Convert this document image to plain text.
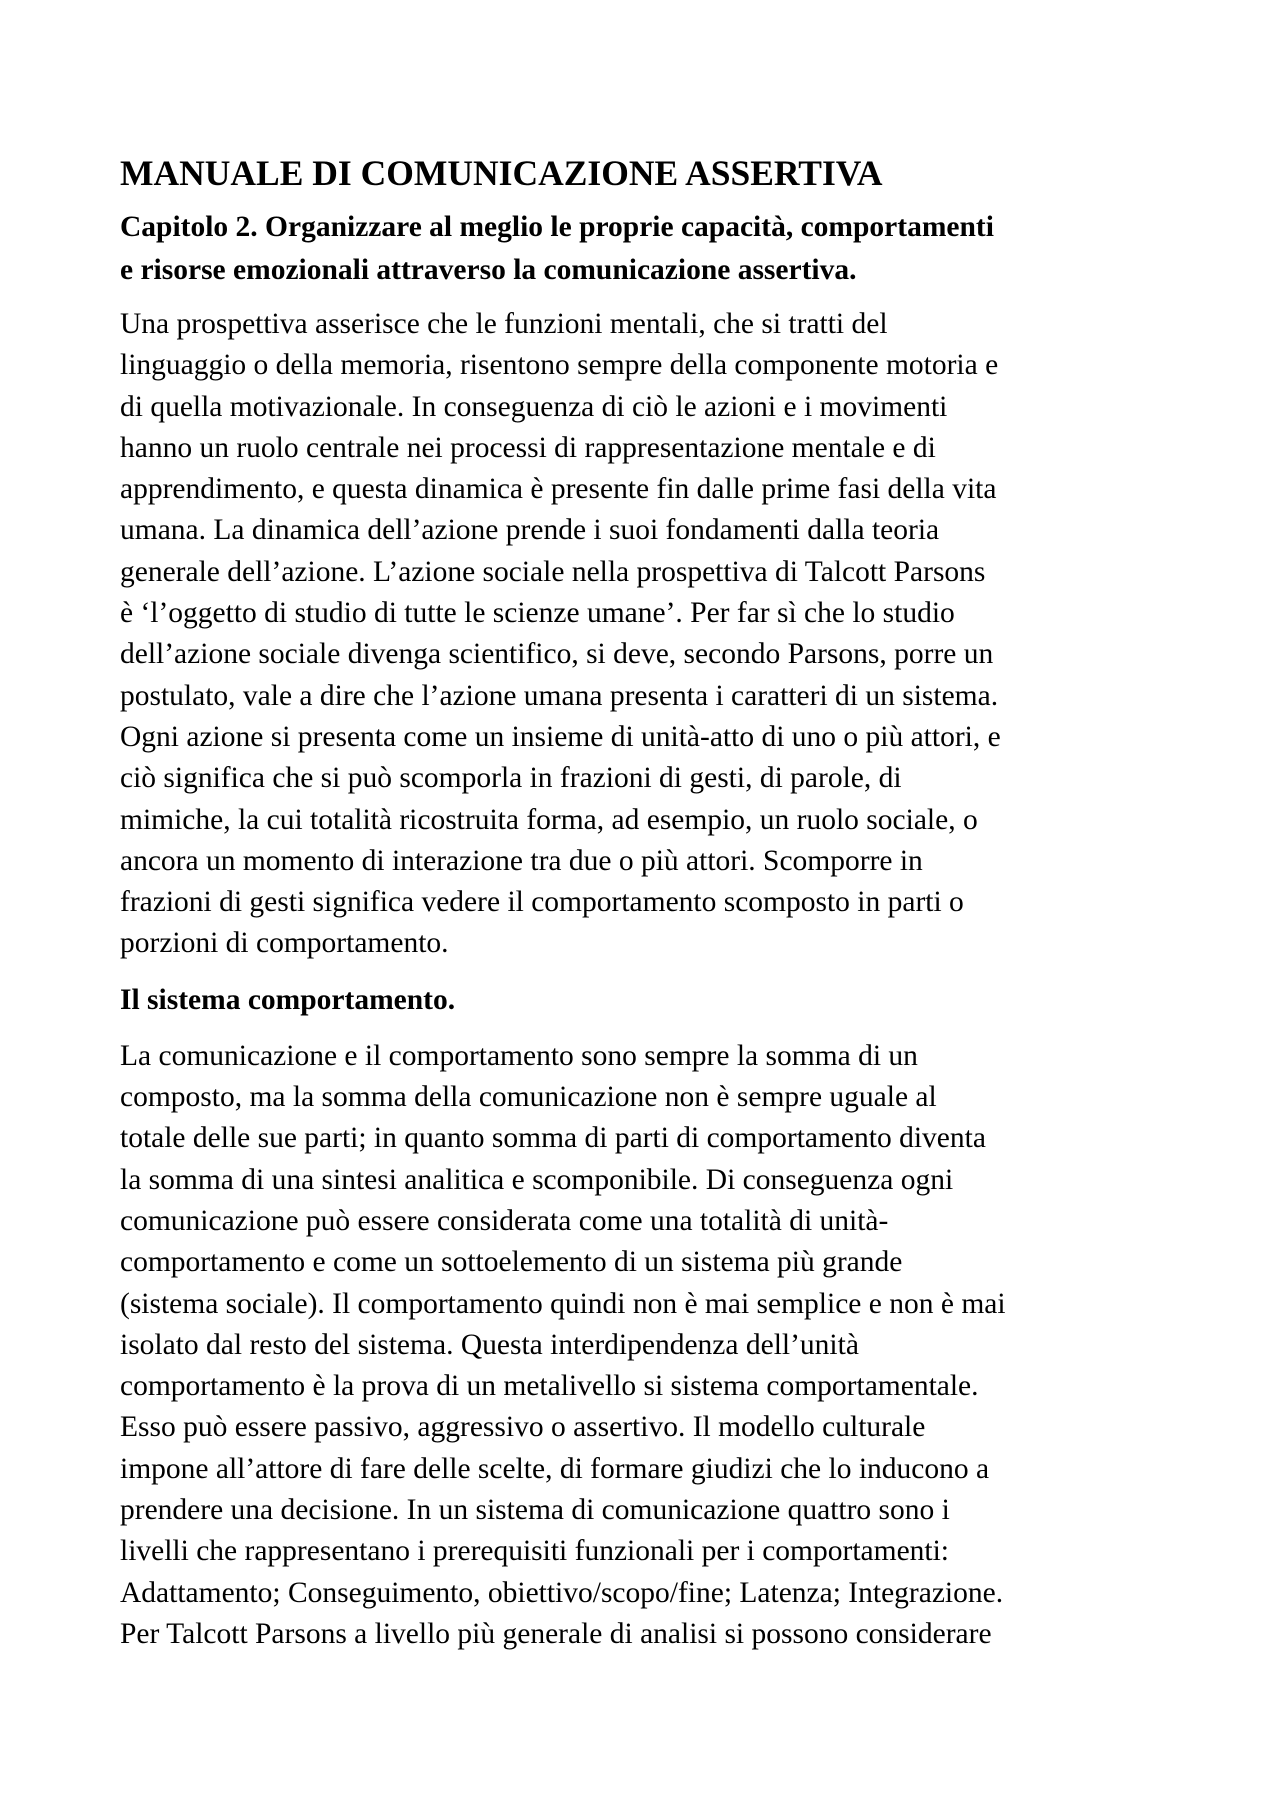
MANUALE DI COMUNICAZIONE ASSERTIVA
Capitolo 2. Organizzare al meglio le proprie capacità, comportamenti
e risorse emozionali attraverso la comunicazione assertiva.
Una prospettiva asserisce che le funzioni mentali, che si tratti del
linguaggio o della memoria, risentono sempre della componente motoria e
di quella motivazionale. In conseguenza di ciò le azioni e i movimenti
hanno un ruolo centrale nei processi di rappresentazione mentale e di
apprendimento, e questa dinamica è presente fin dalle prime fasi della vita
umana. La dinamica dell’azione prende i suoi fondamenti dalla teoria
generale dell’azione. L’azione sociale nella prospettiva di Talcott Parsons
è ‘l’oggetto di studio di tutte le scienze umane’. Per far sì che lo studio
dell’azione sociale divenga scientifico, si deve, secondo Parsons, porre un
postulato, vale a dire che l’azione umana presenta i caratteri di un sistema.
Ogni azione si presenta come un insieme di unità-atto di uno o più attori, e
ciò significa che si può scomporla in frazioni di gesti, di parole, di
mimiche, la cui totalità ricostruita forma, ad esempio, un ruolo sociale, o
ancora un momento di interazione tra due o più attori. Scomporre in
frazioni di gesti significa vedere il comportamento scomposto in parti o
porzioni di comportamento.
Il sistema comportamento.
La comunicazione e il comportamento sono sempre la somma di un
composto, ma la somma della comunicazione non è sempre uguale al
totale delle sue parti; in quanto somma di parti di comportamento diventa
la somma di una sintesi analitica e scomponibile. Di conseguenza ogni
comunicazione può essere considerata come una totalità di unità-
comportamento e come un sottoelemento di un sistema più grande
(sistema sociale). Il comportamento quindi non è mai semplice e non è mai
isolato dal resto del sistema. Questa interdipendenza dell’unità
comportamento è la prova di un metalivello si sistema comportamentale.
Esso può essere passivo, aggressivo o assertivo. Il modello culturale
impone all’attore di fare delle scelte, di formare giudizi che lo inducono a
prendere una decisione. In un sistema di comunicazione quattro sono i
livelli che rappresentano i prerequisiti funzionali per i comportamenti:
Adattamento; Conseguimento, obiettivo/scopo/fine; Latenza; Integrazione.
Per Talcott Parsons a livello più generale di analisi si possono considerare
